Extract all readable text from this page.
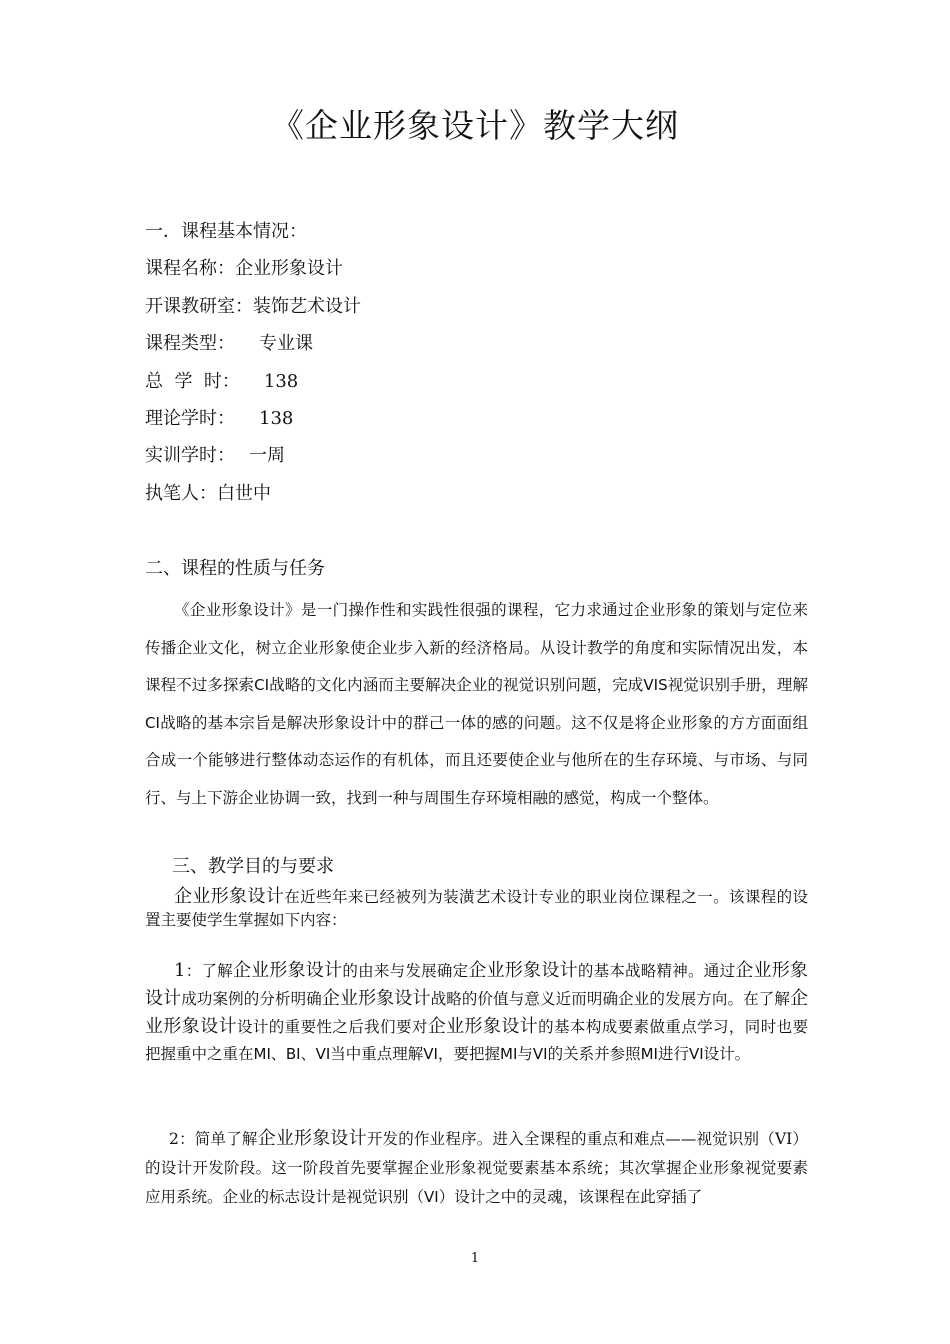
《企业形象设计》教学大纲
一．课程基本情况：
课程名称：企业形象设计
开课教研室：装饰艺术设计
课程类型： 专业课
总  学  时： 138
理论学时： 138
实训学时： 一周
执笔人：白世中
二、课程的性质与任务
《企业形象设计》是一门操作性和实践性很强的课程，它力求通过企业形象的策划与定位来传播企业文化，树立企业形象使企业步入新的经济格局。从设计教学的角度和实际情况出发，本课程不过多探索CI战略的文化内涵而主要解决企业的视觉识别问题，完成VIS视觉识别手册，理解CI战略的基本宗旨是解决形象设计中的群己一体的感的问题。这不仅是将企业形象的方方面面组合成一个能够进行整体动态运作的有机体，而且还要使企业与他所在的生存环境、与市场、与同行、与上下游企业协调一致，找到一种与周围生存环境相融的感觉，构成一个整体。
三、教学目的与要求
企业形象设计在近些年来已经被列为装潢艺术设计专业的职业岗位课程之一。该课程的设置主要使学生掌握如下内容：
1：了解企业形象设计的由来与发展确定企业形象设计的基本战略精神。通过企业形象设计成功案例的分析明确企业形象设计战略的价值与意义近而明确企业的发展方向。在了解企业形象设计设计的重要性之后我们要对企业形象设计的基本构成要素做重点学习，同时也要把握重中之重在MI、BI、VI当中重点理解VI，要把握MI与VI的关系并参照MI进行VI设计。
2：简单了解企业形象设计开发的作业程序。进入全课程的重点和难点——视觉识别（VI）的设计开发阶段。这一阶段首先要掌握企业形象视觉要素基本系统；其次掌握企业形象视觉要素应用系统。企业的标志设计是视觉识别（VI）设计之中的灵魂，该课程在此穿插了
1
